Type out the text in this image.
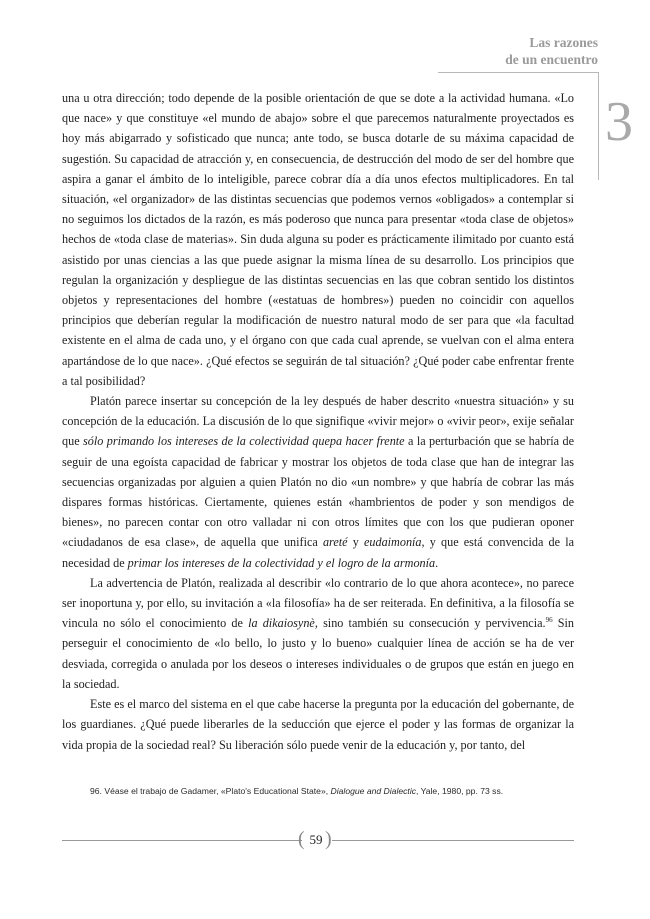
Las razones
de un encuentro
3

una u otra dirección; todo depende de la posible orientación de que se dote a la actividad humana. «Lo que nace» y que constituye «el mundo de abajo» sobre el que parecemos naturalmente proyectados es hoy más abigarrado y sofisticado que nunca; ante todo, se busca dotarle de su máxima capacidad de sugestión. Su capacidad de atracción y, en consecuencia, de destrucción del modo de ser del hombre que aspira a ganar el ámbito de lo inteligible, parece cobrar día a día unos efectos multiplicadores. En tal situación, «el organizador» de las distintas secuencias que podemos vernos «obligados» a contemplar si no seguimos los dictados de la razón, es más poderoso que nunca para presentar «toda clase de objetos» hechos de «toda clase de materias». Sin duda alguna su poder es prácticamente ilimitado por cuanto está asistido por unas ciencias a las que puede asignar la misma línea de su desarrollo. Los principios que regulan la organización y despliegue de las distintas secuencias en las que cobran sentido los distintos objetos y representaciones del hombre («estatuas de hombres») pueden no coincidir con aquellos principios que deberían regular la modificación de nuestro natural modo de ser para que «la facultad existente en el alma de cada uno, y el órgano con que cada cual aprende, se vuelvan con el alma entera apartándose de lo que nace». ¿Qué efectos se seguirán de tal situación? ¿Qué poder cabe enfrentar frente a tal posibilidad?

Platón parece insertar su concepción de la ley después de haber descrito «nuestra situación» y su concepción de la educación. La discusión de lo que signifique «vivir mejor» o «vivir peor», exije señalar que sólo primando los intereses de la colectividad quepa hacer frente a la perturbación que se habría de seguir de una egoísta capacidad de fabricar y mostrar los objetos de toda clase que han de integrar las secuencias organizadas por alguien a quien Platón no dio «un nombre» y que habría de cobrar las más dispares formas históricas. Ciertamente, quienes están «hambrientos de poder y son mendigos de bienes», no parecen contar con otro valladar ni con otros límites que con los que pudieran oponer «ciudadanos de esa clase», de aquella que unifica areté y eudaimonía, y que está convencida de la necesidad de primar los intereses de la colectividad y el logro de la armonía.

La advertencia de Platón, realizada al describir «lo contrario de lo que ahora acontece», no parece ser inoportuna y, por ello, su invitación a «la filosofía» ha de ser reiterada. En definitiva, a la filosofía se vincula no sólo el conocimiento de la dikaiosynè, sino también su consecución y pervivencia.$^{96}$ Sin perseguir el conocimiento de «lo bello, lo justo y lo bueno» cualquier línea de acción se ha de ver desviada, corregida o anulada por los deseos o intereses individuales o de grupos que están en juego en la sociedad.

Este es el marco del sistema en el que cabe hacerse la pregunta por la educación del gobernante, de los guardianes. ¿Qué puede liberarles de la seducción que ejerce el poder y las formas de organizar la vida propia de la sociedad real? Su liberación sólo puede venir de la educación y, por tanto, del

96. Véase el trabajo de Gadamer, «Plato's Educational State», Dialogue and Dialectic, Yale, 1980, pp. 73 ss.
( 59 )
